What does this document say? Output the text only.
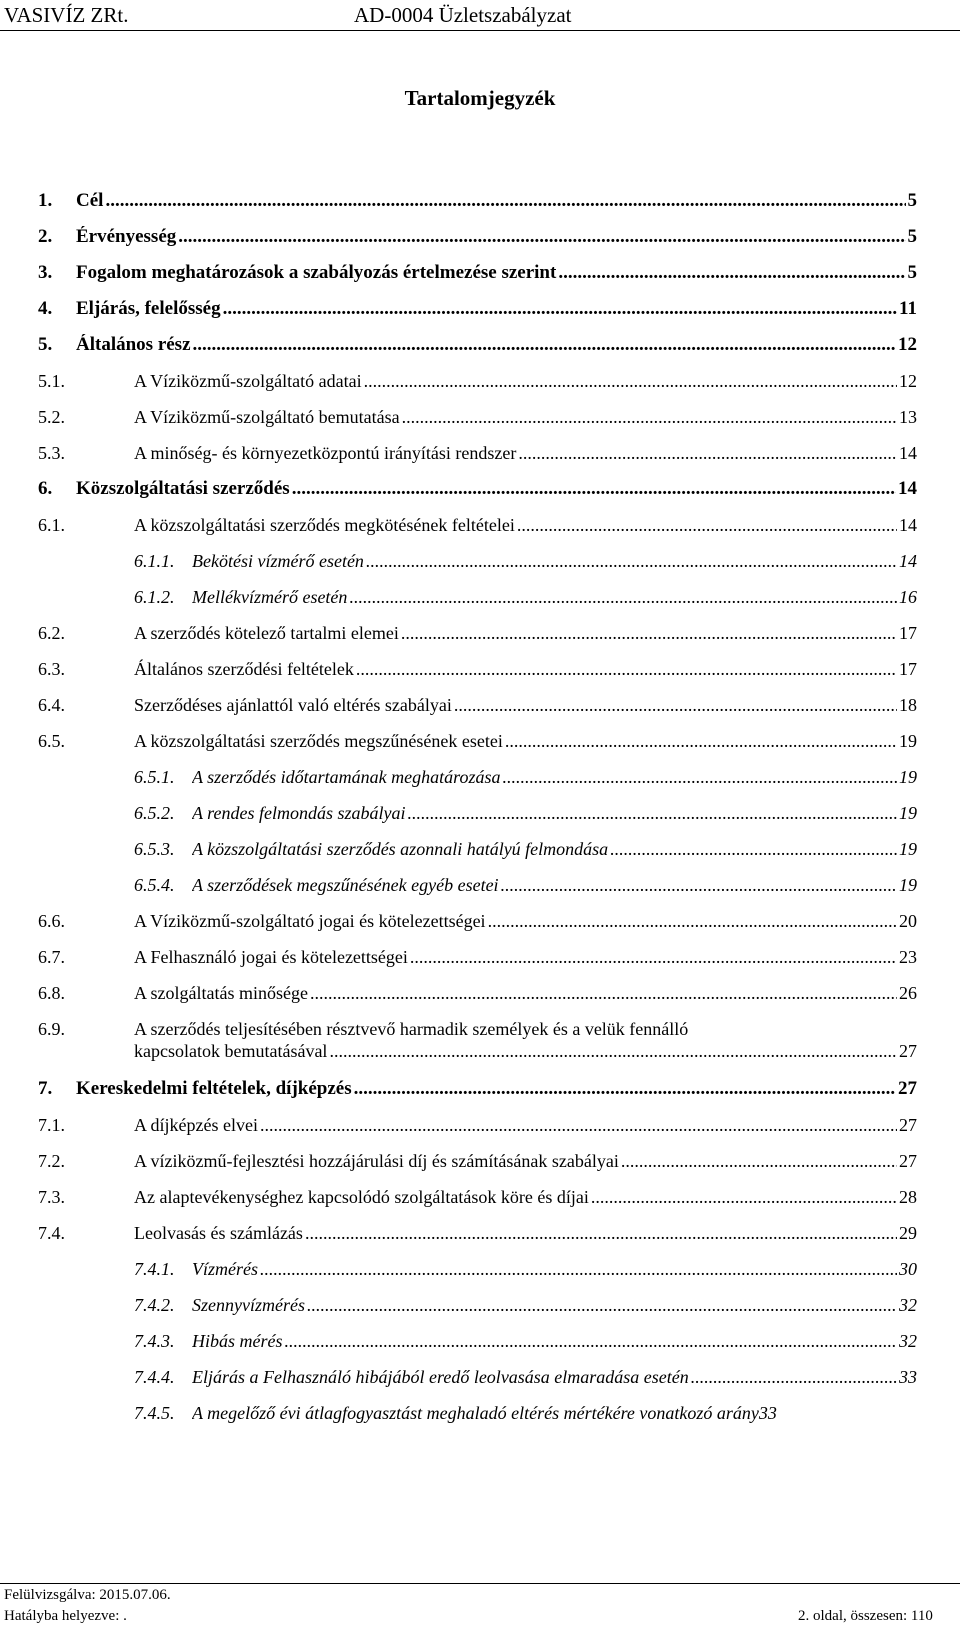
VASIVÍZ ZRt.	AD-0004 Üzletszabályzat
Tartalomjegyzék
1. Cél .....	5
2. Érvényesség .....	5
3. Fogalom meghatározások a szabályozás értelmezése szerint .....	5
4. Eljárás, felelősség .....	11
5. Általános rész .....	12
5.1.	A Víziközmű-szolgáltató adatai .....	12
5.2.	A Víziközmű-szolgáltató bemutatása .....	13
5.3.	A minőség- és környezetközpontú irányítási rendszer .....	14
6. Közszolgáltatási szerződés .....	14
6.1.	A közszolgáltatási szerződés megkötésének feltételei .....	14
6.1.1. Bekötési vízmérő esetén .....	14
6.1.2. Mellékvízmérő esetén .....	16
6.2.	A szerződés kötelező tartalmi elemei .....	17
6.3.	Általános szerződési feltételek .....	17
6.4.	Szerződéses ajánlattól való eltérés szabályai .....	18
6.5.	A közszolgáltatási szerződés megszűnésének esetei .....	19
6.5.1. A szerződés időtartamának meghatározása .....	19
6.5.2. A rendes felmondás szabályai .....	19
6.5.3. A közszolgáltatási szerződés azonnali hatályú felmondása .....	19
6.5.4. A szerződések megszűnésének egyéb esetei .....	19
6.6.	A Víziközmű-szolgáltató jogai és kötelezettségei .....	20
6.7.	A Felhasználó jogai és kötelezettségei .....	23
6.8.	A szolgáltatás minősége .....	26
6.9.	A szerződés teljesítésében résztvevő harmadik személyek és a velük fennálló
kapcsolatok bemutatásával .....	27
7. Kereskedelmi feltételek, díjképzés .....	27
7.1.	A díjképzés elvei .....	27
7.2.	A víziközmű-fejlesztési hozzájárulási díj és számításának szabályai .....	27
7.3.	Az alaptevékenységhez kapcsolódó szolgáltatások köre és díjai .....	28
7.4.	Leolvasás és számlázás .....	29
7.4.1. Vízmérés .....	30
7.4.2. Szennyvízmérés .....	32
7.4.3. Hibás mérés .....	32
7.4.4. Eljárás a Felhasználó hibájából eredő leolvasása elmaradása esetén .....	33
7.4.5. A megelőző évi átlagfogyasztást meghaladó eltérés mértékére vonatkozó arány 33
Felülvizsgálva: 2015.07.06.
Hatályba helyezve: .	2. oldal, összesen: 110
